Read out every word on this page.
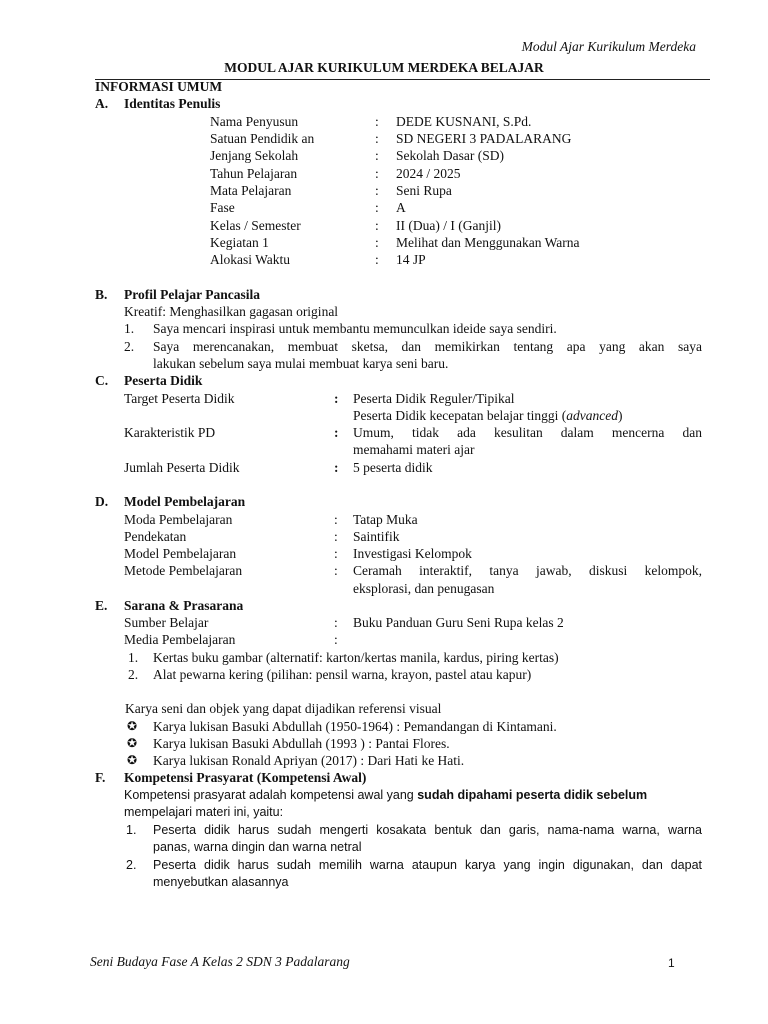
Modul Ajar Kurikulum Merdeka
MODUL AJAR KURIKULUM MERDEKA BELAJAR
INFORMASI UMUM
A. Identitas Penulis
Nama Penyusun	: DEDE KUSNANI, S.Pd.
Satuan Pendidik an	: SD NEGERI 3 PADALARANG
Jenjang Sekolah	: Sekolah Dasar (SD)
Tahun Pelajaran	: 2024 / 2025
Mata Pelajaran	: Seni Rupa
Fase	: A
Kelas / Semester	: II (Dua) / I (Ganjil)
Kegiatan 1	: Melihat dan Menggunakan Warna
Alokasi Waktu	: 14 JP
B. Profil Pelajar Pancasila
Kreatif: Menghasilkan gagasan original
1. Saya mencari inspirasi untuk membantu memunculkan ideide saya sendiri.
2. Saya merencanakan, membuat sketsa, dan memikirkan tentang apa yang akan saya
lakukan sebelum saya mulai membuat karya seni baru.
C. Peserta Didik
Target Peserta Didik	: Peserta Didik Reguler/Tipikal
Peserta Didik kecepatan belajar tinggi (advanced)
Karakteristik PD	: Umum, tidak ada kesulitan dalam mencerna dan
memahami materi ajar
Jumlah Peserta Didik	: 5 peserta didik
D. Model Pembelajaran
Moda Pembelajaran	: Tatap Muka
Pendekatan	: Saintifik
Model Pembelajaran	: Investigasi Kelompok
Metode Pembelajaran	: Ceramah interaktif, tanya jawab, diskusi kelompok,
eksplorasi, dan penugasan
E. Sarana & Prasarana
Sumber Belajar	: Buku Panduan Guru Seni Rupa kelas 2
Media Pembelajaran	:
1. Kertas buku gambar (alternatif: karton/kertas manila, kardus, piring kertas)
2. Alat pewarna kering (pilihan: pensil warna, krayon, pastel atau kapur)
Karya seni dan objek yang dapat dijadikan referensi visual
✪ Karya lukisan Basuki Abdullah (1950-1964) : Pemandangan di Kintamani.
✪ Karya lukisan Basuki Abdullah (1993 ) : Pantai Flores.
✪ Karya lukisan Ronald Apriyan (2017) : Dari Hati ke Hati.
F. Kompetensi Prasyarat (Kompetensi Awal)
Kompetensi prasyarat adalah kompetensi awal yang sudah dipahami peserta didik sebelum
mempelajari materi ini, yaitu:
1. Peserta didik harus sudah mengerti kosakata bentuk dan garis, nama-nama warna, warna
panas, warna dingin dan warna netral
2. Peserta didik harus sudah memilih warna ataupun karya yang ingin digunakan, dan dapat
menyebutkan alasannya
Seni Budaya Fase A Kelas 2 SDN 3 Padalarang	1
